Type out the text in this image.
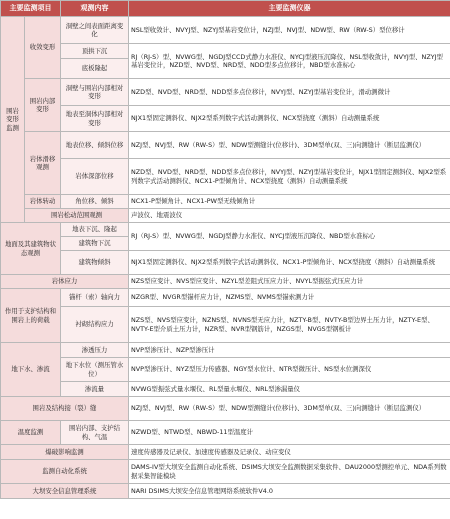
主要监测项目		观测内容	主要监测仪器
围岩变形监测	收敛变形	洞壁之间表面距离变化	NSL型收敛计、NVYJ型、NZYJ型基岩变位计，NZJ型、NVJ型、NDW型、RW（RW-S）型位移计
		顶拱下沉	RJ（RJ-S）型、NVWG型、NGDJ型CCD式静力水准仪、NYCJ型液压沉降仪、NSL型收敛计，NVYJ型、NZYJ型基岩变位计，NZD型、NVD型、NRD型、NDD型多点位移计，NBD型水准标心
		底板隆起	
	围岩内部变形	洞壁与围岩内部相对变形	NZD型、NVD型、NRD型、NDD型多点位移计，NVYJ型、NZYJ型基岩变位计，滑动测微计
		地表至洞体内部相对变形	NJX1型固定测斜仪、NJX2型系列数字式活动测斜仪、NCX型挠度（测斜）自动测量系统
	岩体滑移观测	地表位移、倾斜位移	NZJ型、NVJ型、RW（RW-S）型、NDW型测缝计(位移计)、3DM型单(双、三)向测缝计（断层监测仪）
		岩体深部位移	NZD型、NVD型、NRD型、NDD型多点位移计，NVYJ型、NZYJ型基岩变位计，NJX1型固定测斜仪、NJX2型系列数字式活动测斜仪、NCX1-P型倾角计、NCX型挠度（测斜）自动测量系统
	岩体转动	角位移、倾斜	NCX1-P型倾角计、NCX1-PW型无线倾角计
	围岩松动范围观测		声波仪、地震波仪
地面及其建筑物状态观测		地表下沉、隆起	RJ（RJ-S）型、NVWG型、NGDJ型静力水准仪、NYCJ型液压沉降仪、NBD型水准标心
		建筑物下沉	
		建筑物倾斜	NJX1型固定测斜仪、NJX2型系列数字式活动测斜仪、NCX1-P型倾角计、NCX型挠度（测斜）自动测量系统
岩体应力			NZS型应变计、NVS型应变计、NZYL型差阻式压应力计、NVYL型振弦式压应力计
作用于支护结构和围岩上的荷载		锚杆（索）轴向力	NZGR型、NVGR型锚杆应力计，NZMS型、NVMS型锚索测力计
		衬砌结构应力	NZS型、NVS型应变计，NZNS型、NVNS型无应力计，NZTY-B型、NVTY-B型边界土压力计，NZTY-E型、NVTY-E型介质土压力计，NZR型、NVR型钢筋计，NZGS型、NVGS型钢板计
地下水、渗流		渗透压力	NVP型渗压计、NZP型渗压计
		地下水位（测压管水位）	NVP型渗压计、NYZ型压力传感器、NGY型水位计、NTR型微压计、NS型水位测深仪
		渗流量	NVWG型振弦式量水堰仪、RL型量水堰仪、NRL型渗漏量仪
围岩及结构接（裂）缝			NZJ型、NVJ型、RW（RW-S）型、NDW型测缝计(位移计)、3DM型单(双、三)向测缝计（断层监测仪）
温度监测		围岩内部、支护结构、气温	NZWD型、NTWD型、NBWD-11型温度计
爆破影响监测			速度传感器及记录仪、加速度传感器及记录仪、动应变仪
监测自动化系统			DAMS-IV型大坝安全监测自动化系统、DSIMS大坝安全监测数据采集软件、DAU2000型测控单元、NDA系列数据采集智能模块
大坝安全信息管理系统			NARI DSIMS大坝安全信息管理网络系统软件V4.0
